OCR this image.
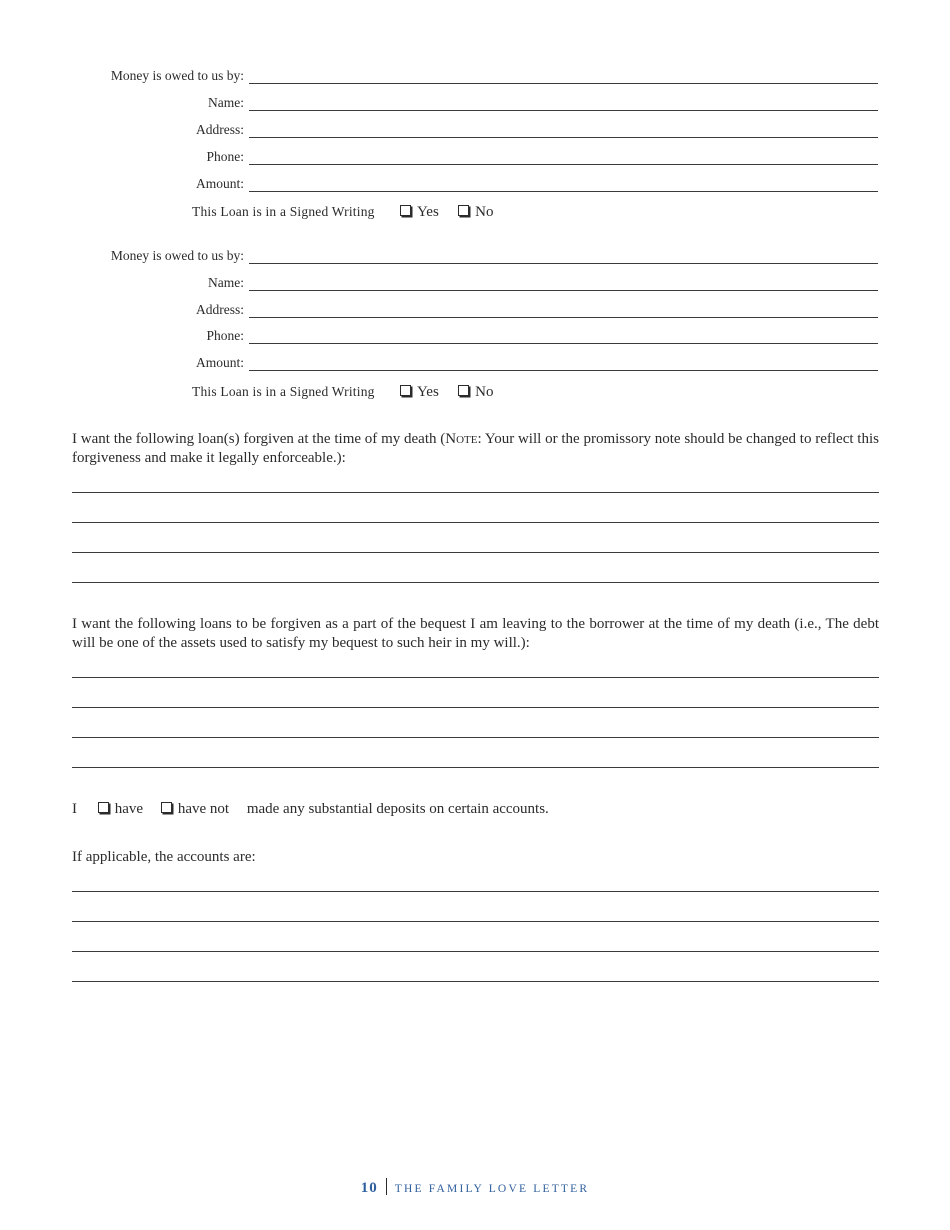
Money is owed to us by:
Name:
Address:
Phone:
Amount:
This Loan is in a Signed Writing	Yes No
Money is owed to us by:
Name:
Address:
Phone:
Amount:
This Loan is in a Signed Writing	Yes No
I want the following loan(s) forgiven at the time of my death (Note: Your will or the promissory note should be changed to reflect this forgiveness and make it legally enforceable.):
I want the following loans to be forgiven as a part of the bequest I am leaving to the borrower at the time of my death (i.e., The debt will be one of the assets used to satisfy my bequest to such heir in my will.):
I	have have not made any substantial deposits on certain accounts.
If applicable, the accounts are:
10 THE FAMILY LOVE LETTER
